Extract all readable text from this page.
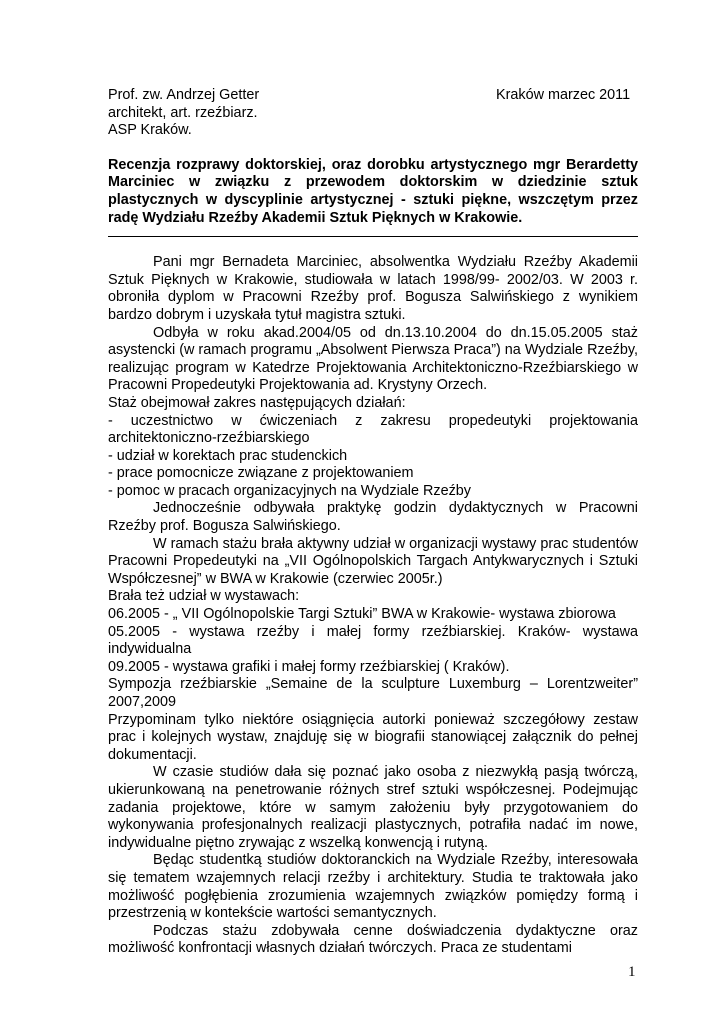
Prof. zw. Andrzej Getter	Kraków marzec 2011
architekt, art. rzeźbiarz.
ASP Kraków.
Recenzja rozprawy doktorskiej, oraz dorobku artystycznego mgr Berardetty Marciniec w związku z przewodem doktorskim w dziedzinie sztuk plastycznych w dyscyplinie artystycznej - sztuki piękne, wszczętym przez radę Wydziału Rzeźby Akademii Sztuk Pięknych w Krakowie.

Pani mgr Bernadeta Marciniec, absolwentka Wydziału Rzeźby Akademii Sztuk Pięknych w Krakowie, studiowała w latach 1998/99- 2002/03. W 2003 r. obroniła dyplom w Pracowni Rzeźby prof. Bogusza Salwińskiego z wynikiem bardzo dobrym i uzyskała tytuł magistra sztuki.

Odbyła w roku akad.2004/05 od dn.13.10.2004 do dn.15.05.2005 staż asystencki (w ramach programu „Absolwent Pierwsza Praca”) na Wydziale Rzeźby, realizując program w Katedrze Projektowania Architektoniczno-Rzeźbiarskiego w Pracowni Propedeutyki Projektowania ad. Krystyny Orzech.

Staż obejmował zakres następujących działań:

- uczestnictwo w ćwiczeniach z zakresu propedeutyki projektowania architektoniczno-rzeźbiarskiego

- udział w korektach prac studenckich

- prace pomocnicze związane z projektowaniem

- pomoc w pracach organizacyjnych na Wydziale Rzeźby

Jednocześnie odbywała praktykę godzin dydaktycznych w Pracowni Rzeźby prof. Bogusza Salwińskiego.

W ramach stażu brała aktywny udział w organizacji wystawy prac studentów Pracowni Propedeutyki na „VII Ogólnopolskich Targach Antykwarycznych i Sztuki Współczesnej” w BWA w Krakowie (czerwiec 2005r.)

Brała też udział w wystawach:

06.2005 - „ VII Ogólnopolskie Targi Sztuki” BWA w Krakowie- wystawa zbiorowa

05.2005 - wystawa rzeźby i małej formy rzeźbiarskiej. Kraków- wystawa indywidualna

09.2005 - wystawa grafiki i małej formy rzeźbiarskiej ( Kraków).

Sympozja rzeźbiarskie „Semaine de la sculpture Luxemburg – Lorentzweiter” 2007,2009

Przypominam tylko niektóre osiągnięcia autorki ponieważ szczegółowy zestaw prac i kolejnych wystaw, znajduję się w biografii stanowiącej załącznik do pełnej dokumentacji.

W czasie studiów dała się poznać jako osoba z niezwykłą pasją twórczą, ukierunkowaną na penetrowanie różnych stref sztuki współczesnej. Podejmując zadania projektowe, które w samym założeniu były przygotowaniem do wykonywania profesjonalnych realizacji plastycznych, potrafiła nadać im nowe, indywidualne piętno zrywając z wszelką konwencją i rutyną.

Będąc studentką studiów doktoranckich na Wydziale Rzeźby, interesowała się tematem wzajemnych relacji rzeźby i architektury. Studia te traktowała jako możliwość pogłębienia zrozumienia wzajemnych związków pomiędzy formą i przestrzenią w kontekście wartości semantycznych.

Podczas stażu zdobywała cenne doświadczenia dydaktyczne oraz możliwość konfrontacji własnych działań twórczych. Praca ze studentami

1
